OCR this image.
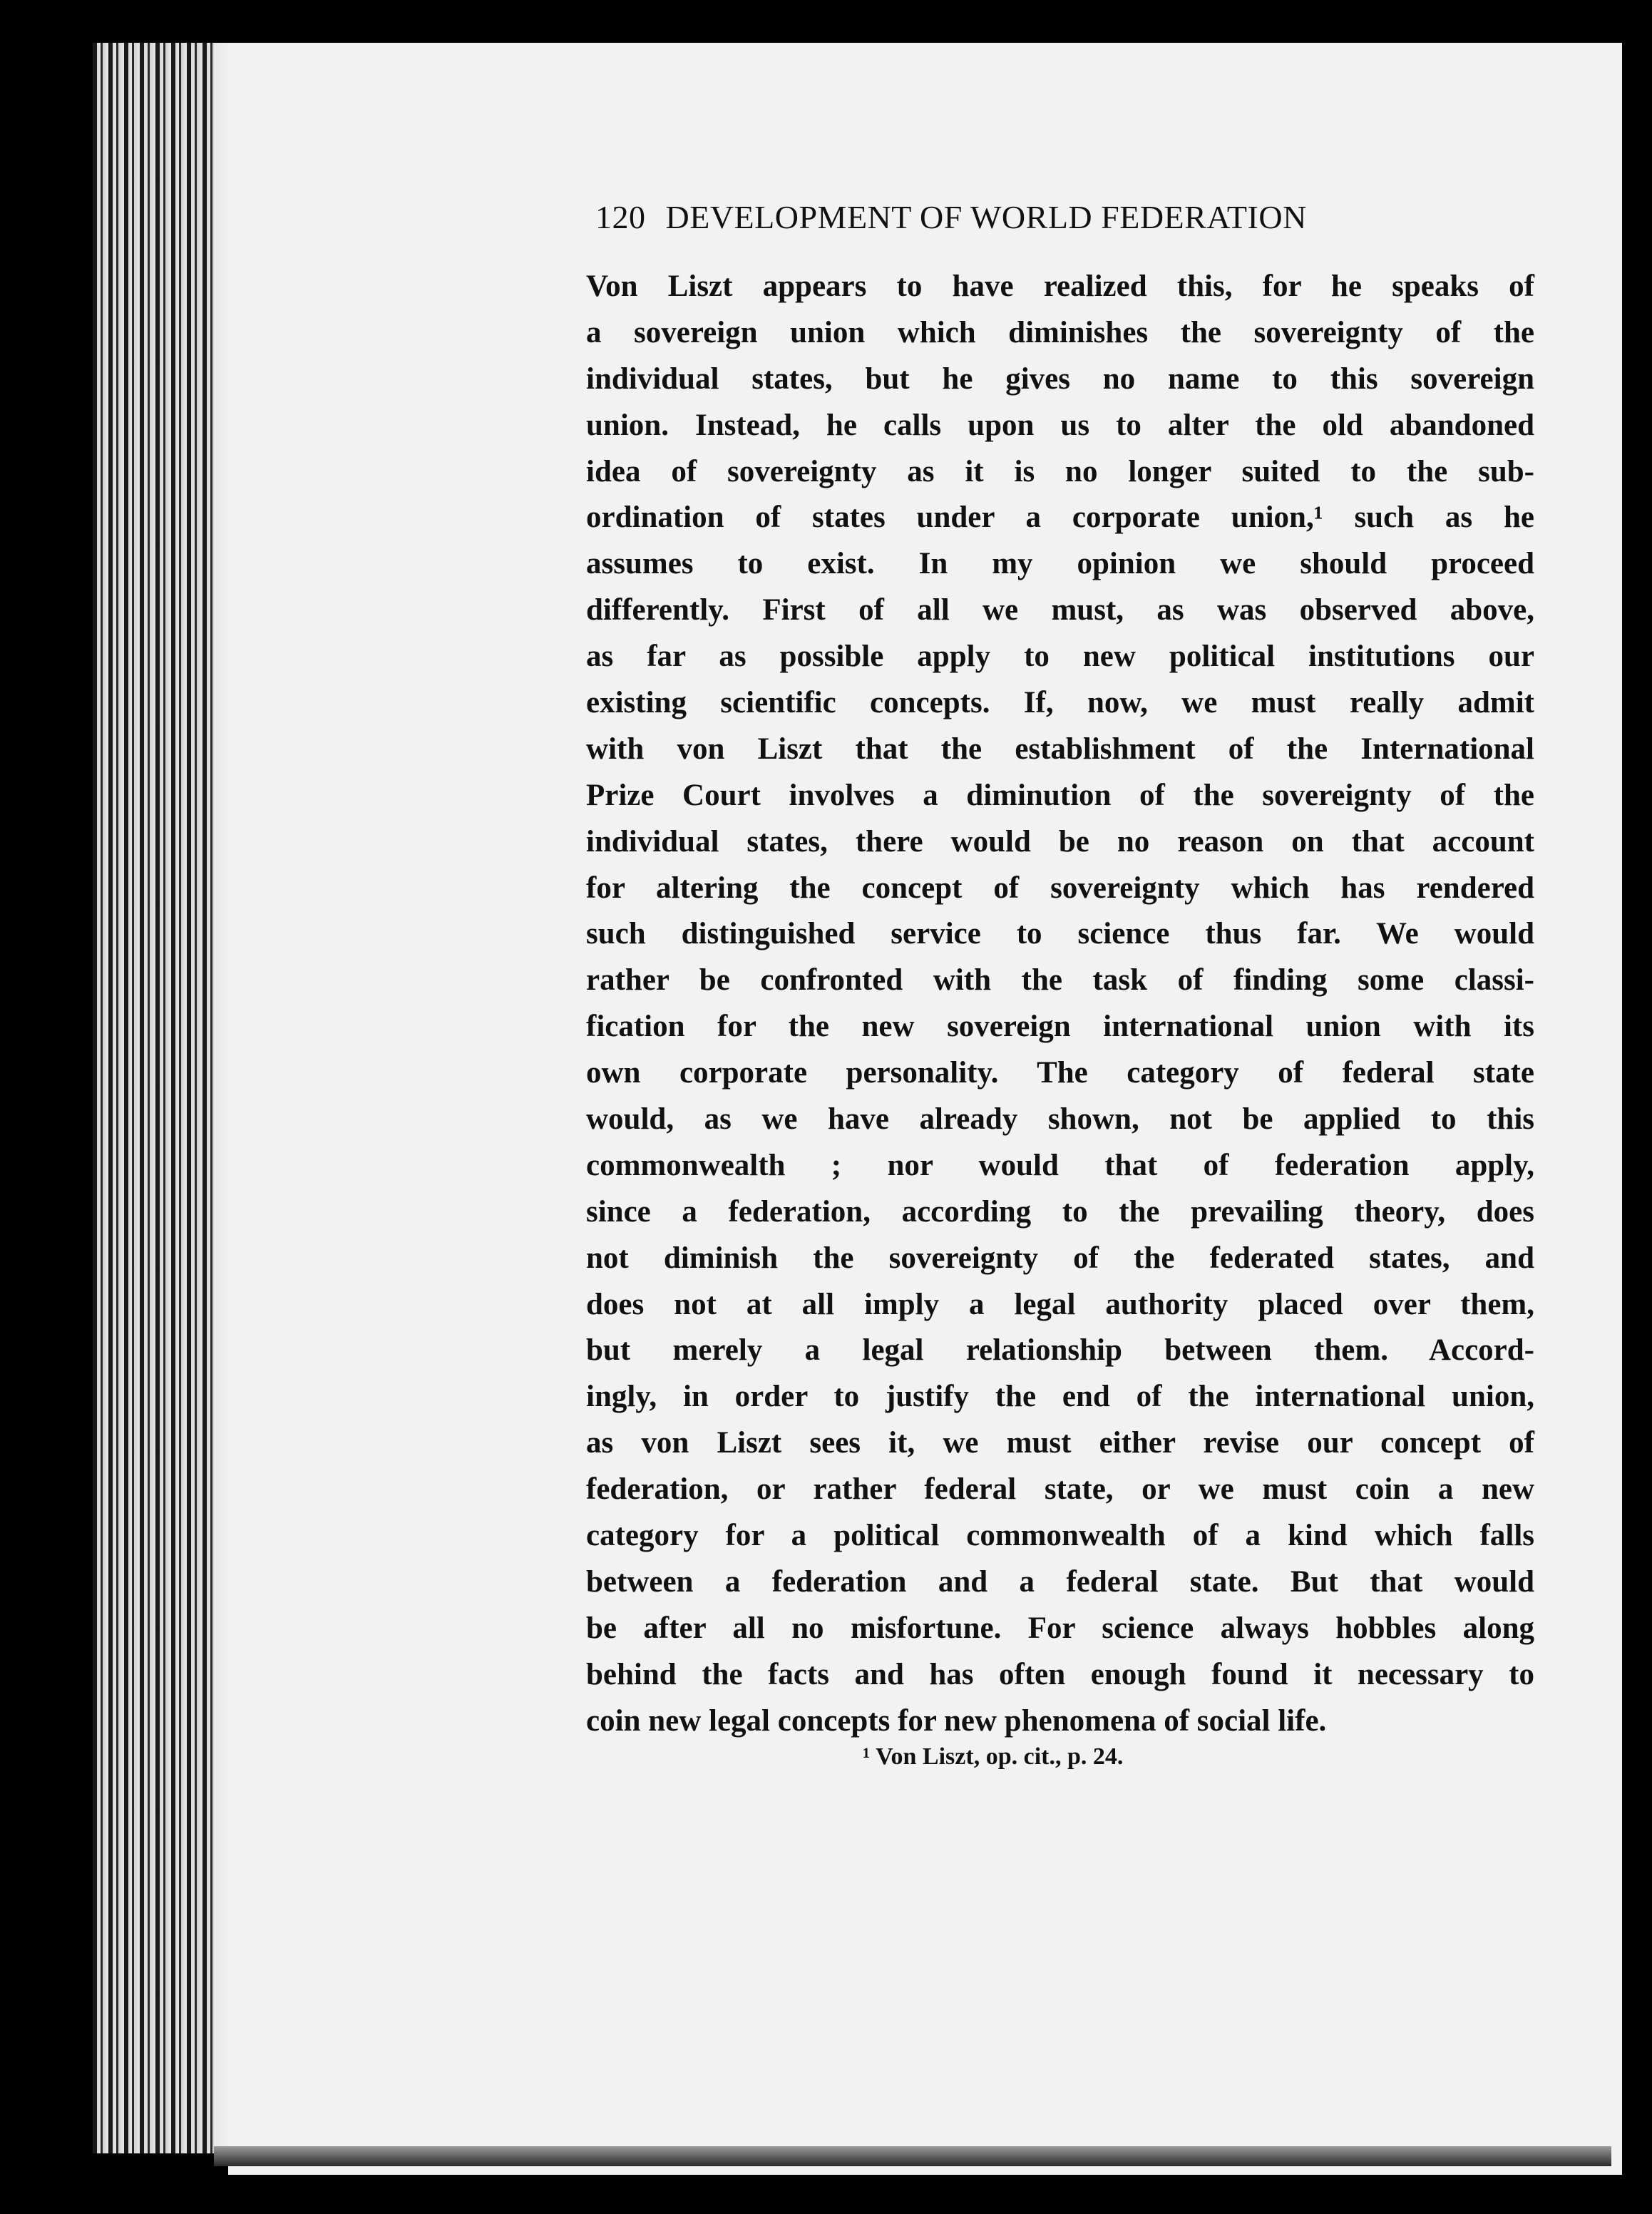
120 DEVELOPMENT OF WORLD FEDERATION
Von Liszt appears to have realized this, for he speaks of
a sovereign union which diminishes the sovereignty of the
individual states, but he gives no name to this sovereign
union. Instead, he calls upon us to alter the old abandoned
idea of sovereignty as it is no longer suited to the sub-
ordination of states under a corporate union,¹ such as he
assumes to exist. In my opinion we should proceed
differently. First of all we must, as was observed above,
as far as possible apply to new political institutions our
existing scientific concepts. If, now, we must really admit
with von Liszt that the establishment of the International
Prize Court involves a diminution of the sovereignty of the
individual states, there would be no reason on that account
for altering the concept of sovereignty which has rendered
such distinguished service to science thus far. We would
rather be confronted with the task of finding some classi-
fication for the new sovereign international union with its
own corporate personality. The category of federal state
would, as we have already shown, not be applied to this
commonwealth ; nor would that of federation apply,
since a federation, according to the prevailing theory, does
not diminish the sovereignty of the federated states, and
does not at all imply a legal authority placed over them,
but merely a legal relationship between them. Accord-
ingly, in order to justify the end of the international union,
as von Liszt sees it, we must either revise our concept of
federation, or rather federal state, or we must coin a new
category for a political commonwealth of a kind which falls
between a federation and a federal state. But that would
be after all no misfortune. For science always hobbles along
behind the facts and has often enough found it necessary to
coin new legal concepts for new phenomena of social life.
¹ Von Liszt, op. cit., p. 24.
